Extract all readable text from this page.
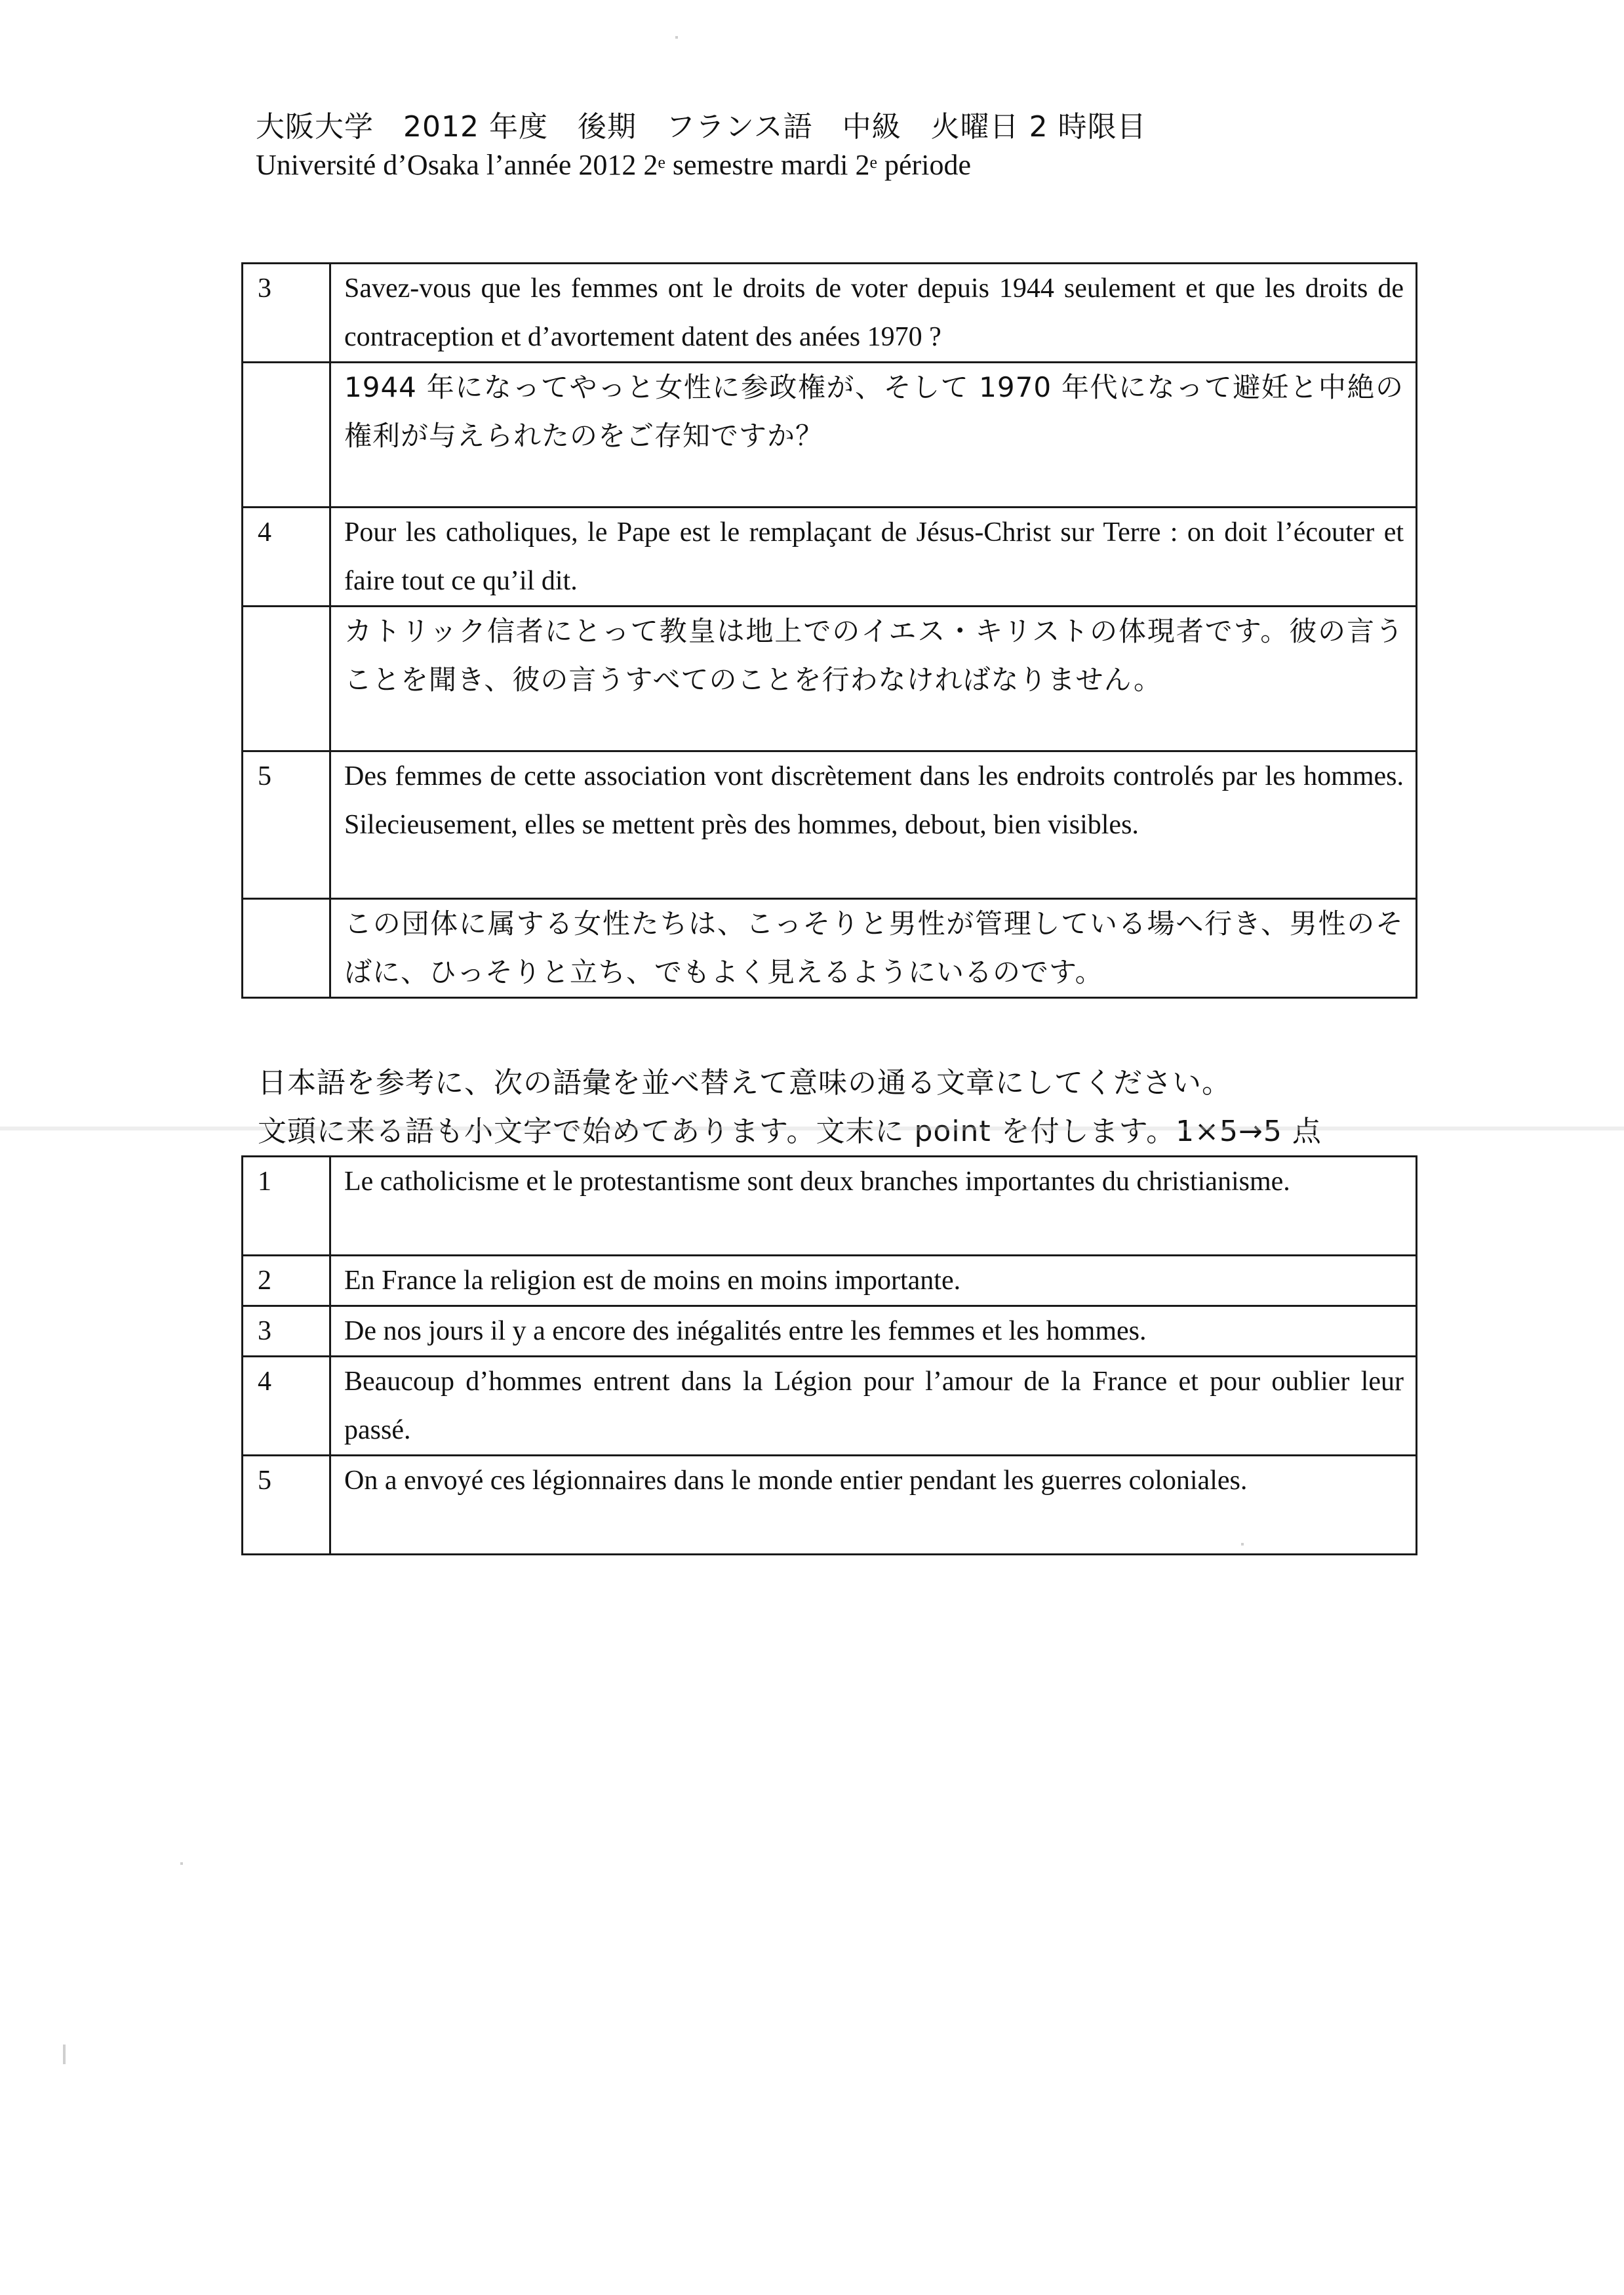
大阪大学　2012 年度　後期　フランス語　中級　火曜日 2 時限目
Université d’Osaka l’année 2012 2e semestre mardi 2e période
3	Savez-vous que les femmes ont le droits de voter depuis 1944 seulement et que les droits de contraception et d’avortement datent des anées 1970 ?
	1944 年になってやっと女性に参政権が、そして 1970 年代になって避妊と中絶の権利が与えられたのをご存知ですか？
4	Pour les catholiques, le Pape est le remplaçant de Jésus-Christ sur Terre : on doit l’écouter et faire tout ce qu’il dit.
	カトリック信者にとって教皇は地上でのイエス・キリストの体現者です。彼の言うことを聞き、彼の言うすべてのことを行わなければなりません。
5	Des femmes de cette association vont discrètement dans les endroits controlés par les hommes. Silecieusement, elles se mettent près des hommes, debout, bien visibles.
	この団体に属する女性たちは、こっそりと男性が管理している場へ行き、男性のそばに、ひっそりと立ち、でもよく見えるようにいるのです。
日本語を参考に、次の語彙を並べ替えて意味の通る文章にしてください。
文頭に来る語も小文字で始めてあります。文末に point を付します。1×5→5 点
1	Le catholicisme et le protestantisme sont deux branches importantes du christianisme.
2	En France la religion est de moins en moins importante.
3	De nos jours il y a encore des inégalités entre les femmes et les hommes.
4	Beaucoup d’hommes entrent dans la Légion pour l’amour de la France et pour oublier leur passé.
5	On a envoyé ces légionnaires dans le monde entier pendant les guerres coloniales.
